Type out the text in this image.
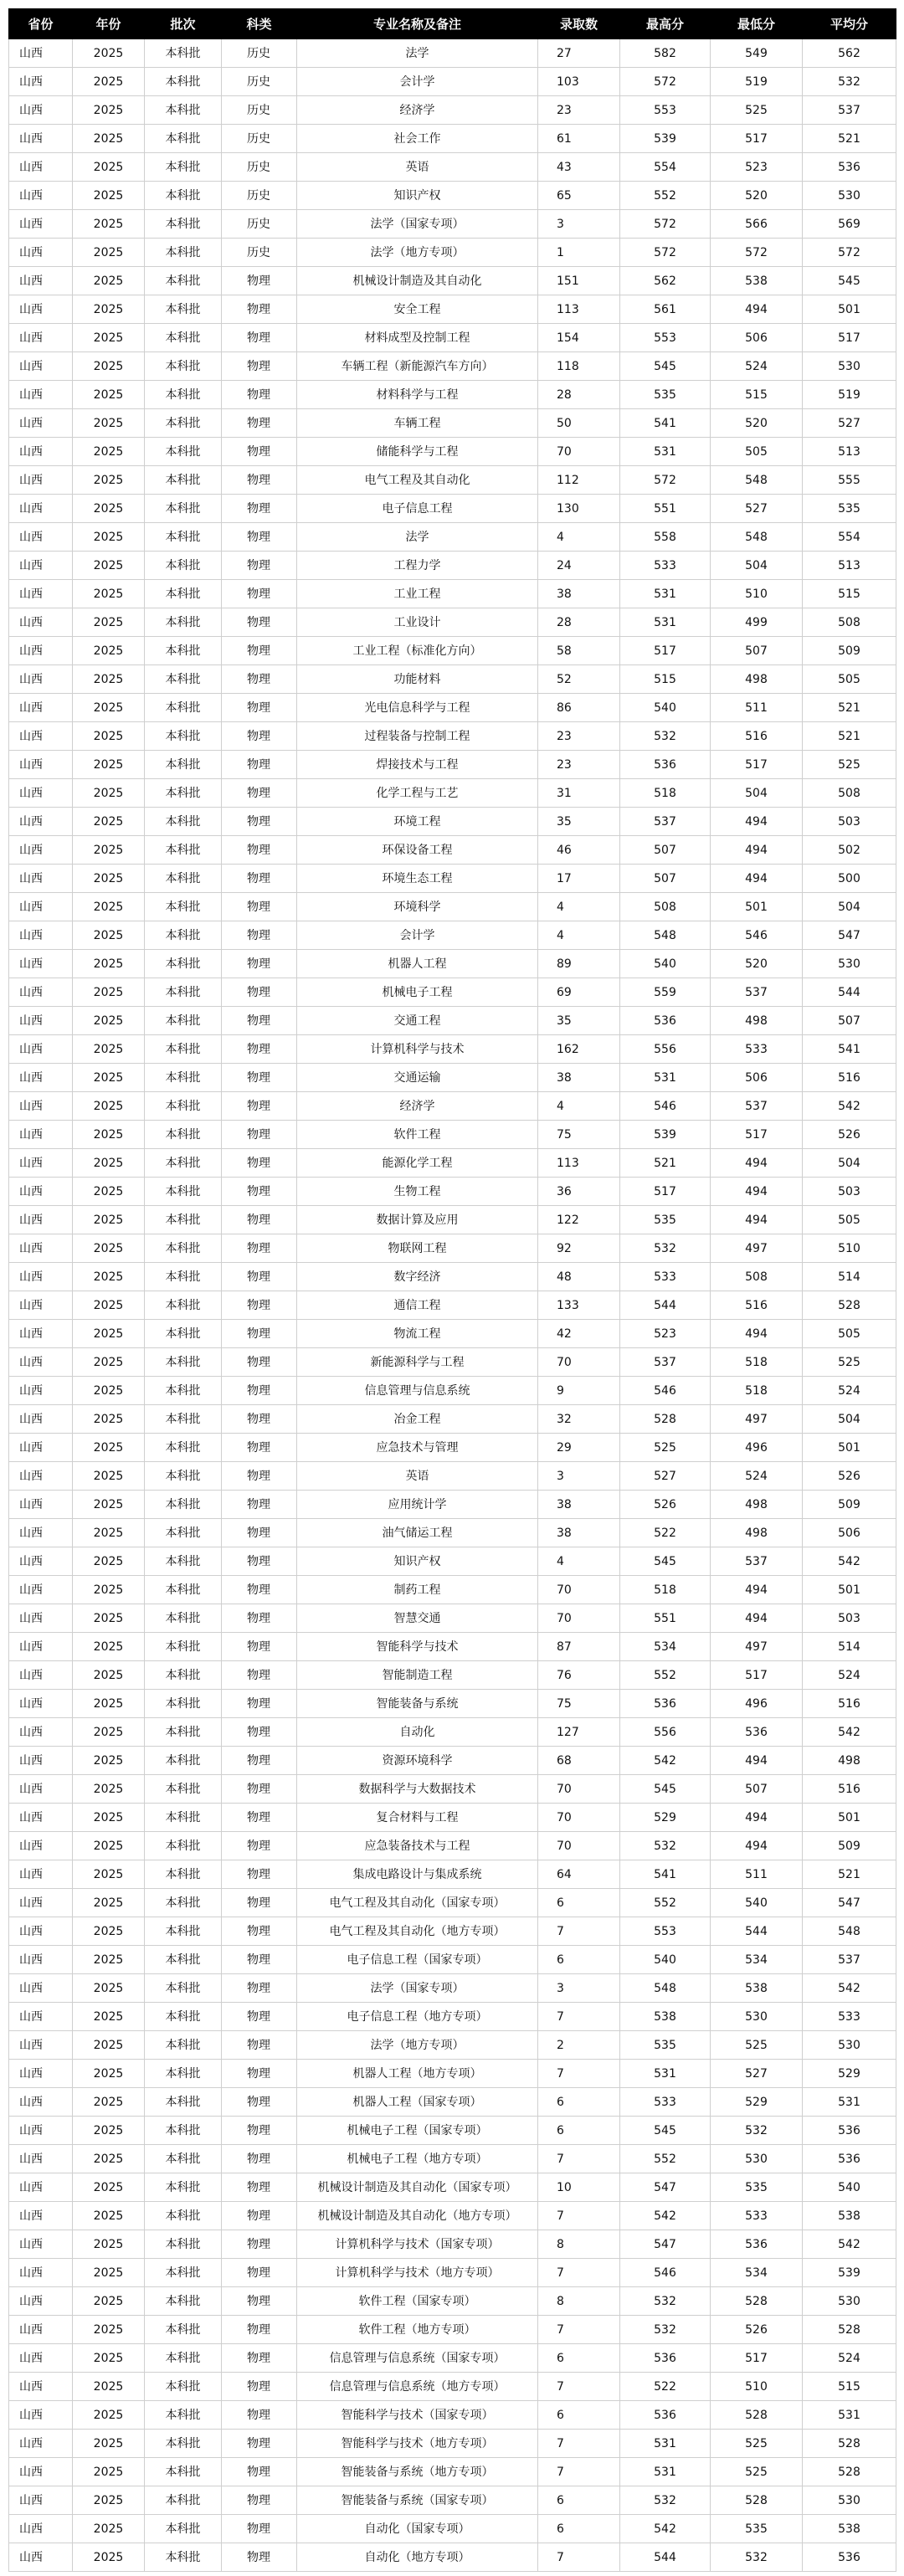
省份	年份	批次	科类	专业名称及备注	录取数	最高分	最低分	平均分
山西	2025	本科批	历史	法学	27	582	549	562
山西	2025	本科批	历史	会计学	103	572	519	532
山西	2025	本科批	历史	经济学	23	553	525	537
山西	2025	本科批	历史	社会工作	61	539	517	521
山西	2025	本科批	历史	英语	43	554	523	536
山西	2025	本科批	历史	知识产权	65	552	520	530
山西	2025	本科批	历史	法学（国家专项）	3	572	566	569
山西	2025	本科批	历史	法学（地方专项）	1	572	572	572
山西	2025	本科批	物理	机械设计制造及其自动化	151	562	538	545
山西	2025	本科批	物理	安全工程	113	561	494	501
山西	2025	本科批	物理	材料成型及控制工程	154	553	506	517
山西	2025	本科批	物理	车辆工程（新能源汽车方向）	118	545	524	530
山西	2025	本科批	物理	材料科学与工程	28	535	515	519
山西	2025	本科批	物理	车辆工程	50	541	520	527
山西	2025	本科批	物理	储能科学与工程	70	531	505	513
山西	2025	本科批	物理	电气工程及其自动化	112	572	548	555
山西	2025	本科批	物理	电子信息工程	130	551	527	535
山西	2025	本科批	物理	法学	4	558	548	554
山西	2025	本科批	物理	工程力学	24	533	504	513
山西	2025	本科批	物理	工业工程	38	531	510	515
山西	2025	本科批	物理	工业设计	28	531	499	508
山西	2025	本科批	物理	工业工程（标准化方向）	58	517	507	509
山西	2025	本科批	物理	功能材料	52	515	498	505
山西	2025	本科批	物理	光电信息科学与工程	86	540	511	521
山西	2025	本科批	物理	过程装备与控制工程	23	532	516	521
山西	2025	本科批	物理	焊接技术与工程	23	536	517	525
山西	2025	本科批	物理	化学工程与工艺	31	518	504	508
山西	2025	本科批	物理	环境工程	35	537	494	503
山西	2025	本科批	物理	环保设备工程	46	507	494	502
山西	2025	本科批	物理	环境生态工程	17	507	494	500
山西	2025	本科批	物理	环境科学	4	508	501	504
山西	2025	本科批	物理	会计学	4	548	546	547
山西	2025	本科批	物理	机器人工程	89	540	520	530
山西	2025	本科批	物理	机械电子工程	69	559	537	544
山西	2025	本科批	物理	交通工程	35	536	498	507
山西	2025	本科批	物理	计算机科学与技术	162	556	533	541
山西	2025	本科批	物理	交通运输	38	531	506	516
山西	2025	本科批	物理	经济学	4	546	537	542
山西	2025	本科批	物理	软件工程	75	539	517	526
山西	2025	本科批	物理	能源化学工程	113	521	494	504
山西	2025	本科批	物理	生物工程	36	517	494	503
山西	2025	本科批	物理	数据计算及应用	122	535	494	505
山西	2025	本科批	物理	物联网工程	92	532	497	510
山西	2025	本科批	物理	数字经济	48	533	508	514
山西	2025	本科批	物理	通信工程	133	544	516	528
山西	2025	本科批	物理	物流工程	42	523	494	505
山西	2025	本科批	物理	新能源科学与工程	70	537	518	525
山西	2025	本科批	物理	信息管理与信息系统	9	546	518	524
山西	2025	本科批	物理	冶金工程	32	528	497	504
山西	2025	本科批	物理	应急技术与管理	29	525	496	501
山西	2025	本科批	物理	英语	3	527	524	526
山西	2025	本科批	物理	应用统计学	38	526	498	509
山西	2025	本科批	物理	油气储运工程	38	522	498	506
山西	2025	本科批	物理	知识产权	4	545	537	542
山西	2025	本科批	物理	制药工程	70	518	494	501
山西	2025	本科批	物理	智慧交通	70	551	494	503
山西	2025	本科批	物理	智能科学与技术	87	534	497	514
山西	2025	本科批	物理	智能制造工程	76	552	517	524
山西	2025	本科批	物理	智能装备与系统	75	536	496	516
山西	2025	本科批	物理	自动化	127	556	536	542
山西	2025	本科批	物理	资源环境科学	68	542	494	498
山西	2025	本科批	物理	数据科学与大数据技术	70	545	507	516
山西	2025	本科批	物理	复合材料与工程	70	529	494	501
山西	2025	本科批	物理	应急装备技术与工程	70	532	494	509
山西	2025	本科批	物理	集成电路设计与集成系统	64	541	511	521
山西	2025	本科批	物理	电气工程及其自动化（国家专项）	6	552	540	547
山西	2025	本科批	物理	电气工程及其自动化（地方专项）	7	553	544	548
山西	2025	本科批	物理	电子信息工程（国家专项）	6	540	534	537
山西	2025	本科批	物理	法学（国家专项）	3	548	538	542
山西	2025	本科批	物理	电子信息工程（地方专项）	7	538	530	533
山西	2025	本科批	物理	法学（地方专项）	2	535	525	530
山西	2025	本科批	物理	机器人工程（地方专项）	7	531	527	529
山西	2025	本科批	物理	机器人工程（国家专项）	6	533	529	531
山西	2025	本科批	物理	机械电子工程（国家专项）	6	545	532	536
山西	2025	本科批	物理	机械电子工程（地方专项）	7	552	530	536
山西	2025	本科批	物理	机械设计制造及其自动化（国家专项）	10	547	535	540
山西	2025	本科批	物理	机械设计制造及其自动化（地方专项）	7	542	533	538
山西	2025	本科批	物理	计算机科学与技术（国家专项）	8	547	536	542
山西	2025	本科批	物理	计算机科学与技术（地方专项）	7	546	534	539
山西	2025	本科批	物理	软件工程（国家专项）	8	532	528	530
山西	2025	本科批	物理	软件工程（地方专项）	7	532	526	528
山西	2025	本科批	物理	信息管理与信息系统（国家专项）	6	536	517	524
山西	2025	本科批	物理	信息管理与信息系统（地方专项）	7	522	510	515
山西	2025	本科批	物理	智能科学与技术（国家专项）	6	536	528	531
山西	2025	本科批	物理	智能科学与技术（地方专项）	7	531	525	528
山西	2025	本科批	物理	智能装备与系统（地方专项）	7	531	525	528
山西	2025	本科批	物理	智能装备与系统（国家专项）	6	532	528	530
山西	2025	本科批	物理	自动化（国家专项）	6	542	535	538
山西	2025	本科批	物理	自动化（地方专项）	7	544	532	536
